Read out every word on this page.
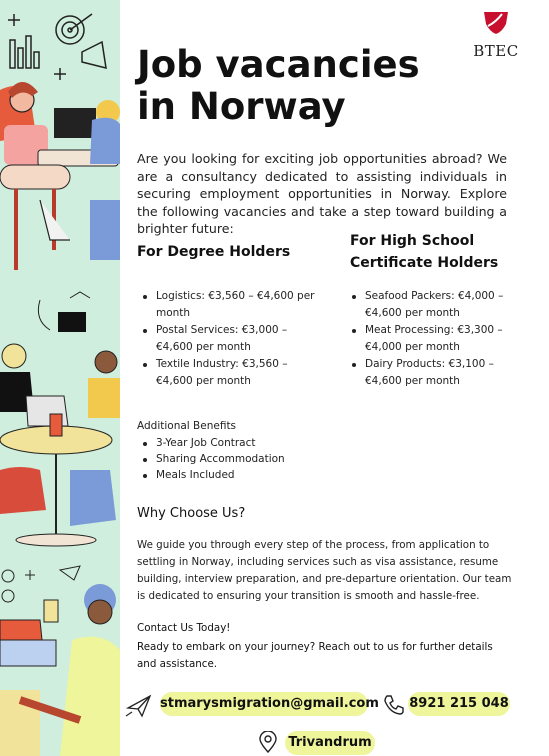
BTEC
Job vacancies in Norway

Are you looking for exciting job opportunities abroad? We are a consultancy dedicated to assisting individuals in securing employment opportunities in Norway. Explore the following vacancies and take a step toward building a brighter future:

For Degree Holders
Logistics: €3,560 – €4,600 per month
Postal Services: €3,000 – €4,600 per month
Textile Industry: €3,560 – €4,600 per month
For High School Certificate Holders
Seafood Packers: €4,000 – €4,600 per month
Meat Processing: €3,300 – €4,000 per month
Dairy Products: €3,100 – €4,600 per month

Additional Benefits

3-Year Job Contract
Sharing Accommodation
Meals Included
Why Choose Us?

We guide you through every step of the process, from application to settling in Norway, including services such as visa assistance, resume building, interview preparation, and pre-departure orientation. Our team is dedicated to ensuring your transition is smooth and hassle-free.

Contact Us Today!

Ready to embark on your journey? Reach out to us for further details and assistance.

stmarysmigration@gmail.com 8921 215 048
Trivandrum
